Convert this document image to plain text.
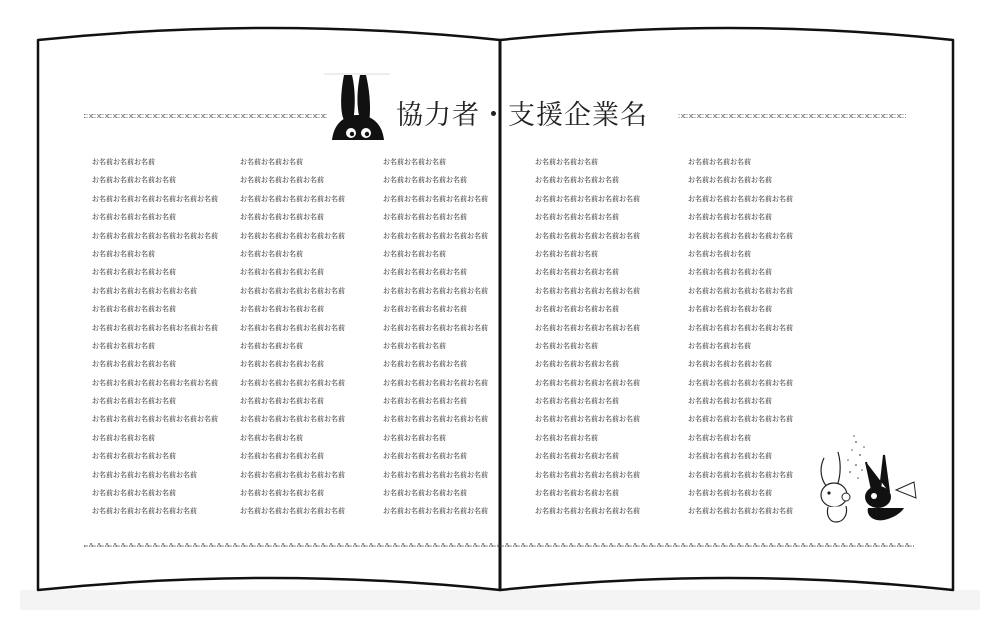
協力者・支援企業名
お名前お名前お名前
お名前お名前お名前お名前
お名前お名前お名前お名前お名前お名前
お名前お名前お名前お名前
お名前お名前お名前お名前お名前お名前
お名前お名前お名前
お名前お名前お名前お名前
お名前お名前お名前お名前お名前
お名前お名前お名前お名前
お名前お名前お名前お名前お名前お名前
お名前お名前お名前
お名前お名前お名前お名前
お名前お名前お名前お名前お名前お名前
お名前お名前お名前お名前
お名前お名前お名前お名前お名前お名前
お名前お名前お名前
お名前お名前お名前お名前
お名前お名前お名前お名前お名前
お名前お名前お名前お名前
お名前お名前お名前お名前お名前
お名前お名前お名前
お名前お名前お名前お名前
お名前お名前お名前お名前お名前
お名前お名前お名前お名前
お名前お名前お名前お名前お名前
お名前お名前お名前
お名前お名前お名前お名前
お名前お名前お名前お名前お名前
お名前お名前お名前お名前
お名前お名前お名前お名前お名前
お名前お名前お名前
お名前お名前お名前お名前
お名前お名前お名前お名前お名前
お名前お名前お名前お名前
お名前お名前お名前お名前お名前
お名前お名前お名前
お名前お名前お名前お名前
お名前お名前お名前お名前お名前
お名前お名前お名前お名前
お名前お名前お名前お名前お名前
お名前お名前お名前
お名前お名前お名前お名前
お名前お名前お名前お名前お名前
お名前お名前お名前お名前
お名前お名前お名前お名前お名前
お名前お名前お名前
お名前お名前お名前お名前
お名前お名前お名前お名前お名前
お名前お名前お名前お名前
お名前お名前お名前お名前お名前
お名前お名前お名前
お名前お名前お名前お名前
お名前お名前お名前お名前お名前
お名前お名前お名前お名前
お名前お名前お名前お名前お名前
お名前お名前お名前
お名前お名前お名前お名前
お名前お名前お名前お名前お名前
お名前お名前お名前お名前
お名前お名前お名前お名前お名前
お名前お名前お名前
お名前お名前お名前お名前
お名前お名前お名前お名前お名前
お名前お名前お名前お名前
お名前お名前お名前お名前お名前
お名前お名前お名前
お名前お名前お名前お名前
お名前お名前お名前お名前お名前
お名前お名前お名前お名前
お名前お名前お名前お名前お名前
お名前お名前お名前
お名前お名前お名前お名前
お名前お名前お名前お名前お名前
お名前お名前お名前お名前
お名前お名前お名前お名前お名前
お名前お名前お名前
お名前お名前お名前お名前
お名前お名前お名前お名前お名前
お名前お名前お名前お名前
お名前お名前お名前お名前お名前
お名前お名前お名前
お名前お名前お名前お名前
お名前お名前お名前お名前お名前
お名前お名前お名前お名前
お名前お名前お名前お名前お名前
お名前お名前お名前
お名前お名前お名前お名前
お名前お名前お名前お名前お名前
お名前お名前お名前お名前
お名前お名前お名前お名前お名前
お名前お名前お名前
お名前お名前お名前お名前
お名前お名前お名前お名前お名前
お名前お名前お名前お名前
お名前お名前お名前お名前お名前
お名前お名前お名前
お名前お名前お名前お名前
お名前お名前お名前お名前お名前
お名前お名前お名前お名前
お名前お名前お名前お名前お名前
